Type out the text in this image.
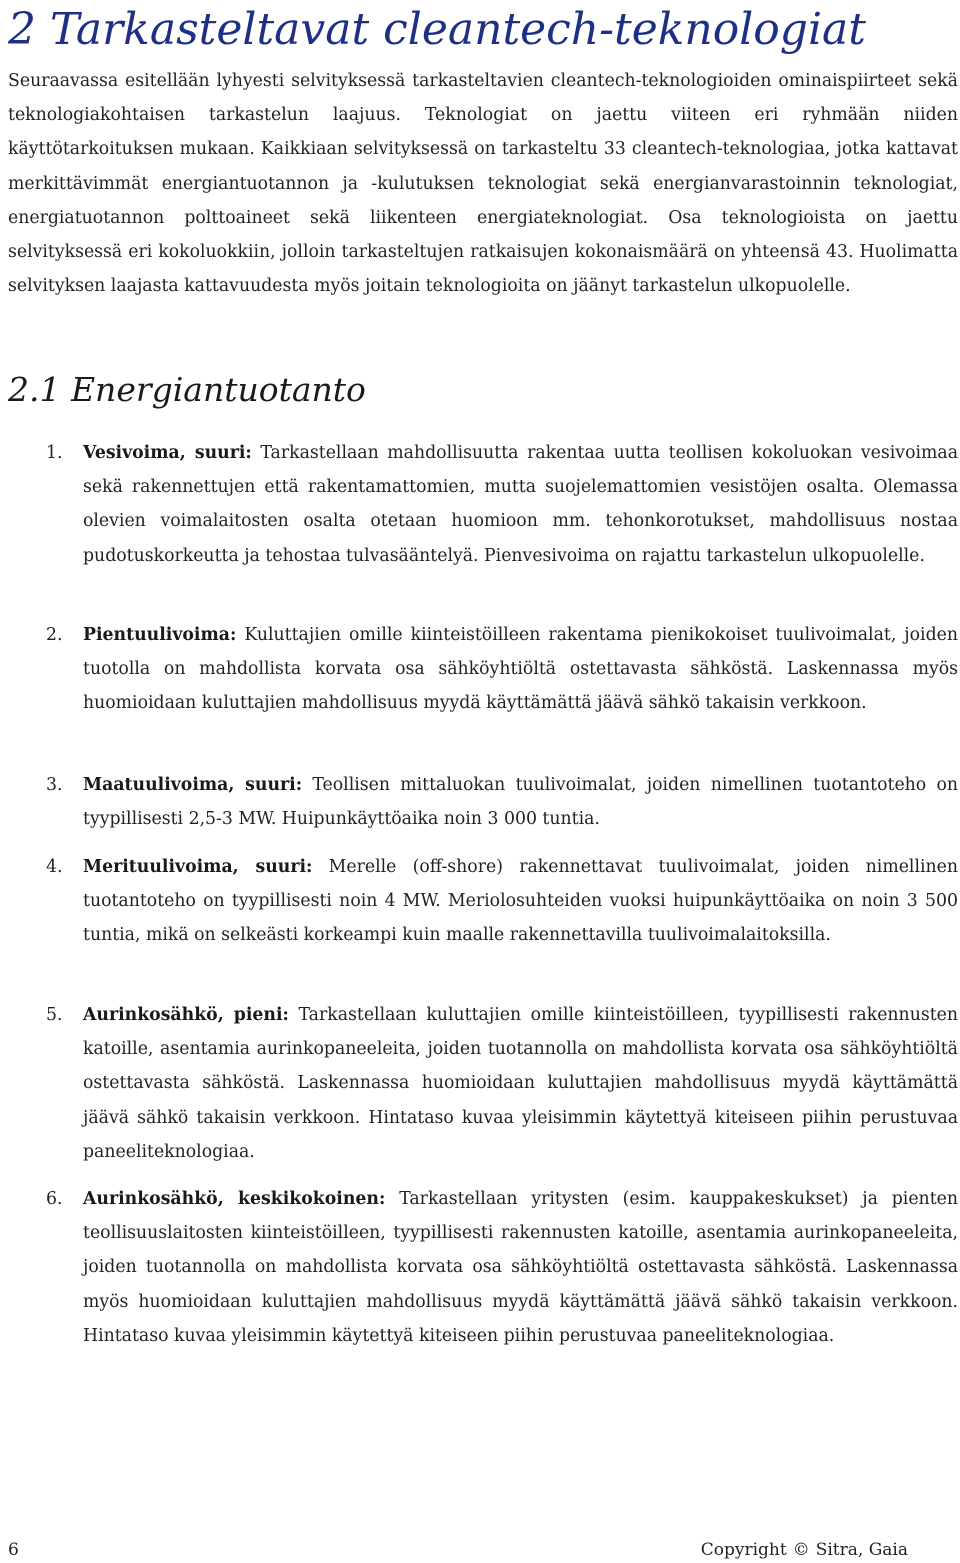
2 Tarkasteltavat cleantech-teknologiat

Seuraavassa esitellään lyhyesti selvityksessä tarkasteltavien cleantech-teknologioiden ominaispiirteet sekä teknologiakohtaisen tarkastelun laajuus. Teknologiat on jaettu viiteen eri ryhmään niiden käyttötarkoituksen mukaan. Kaikkiaan selvityksessä on tarkasteltu 33 cleantech-teknologiaa, jotka kattavat merkittävimmät energiantuotannon ja -kulutuksen teknologiat sekä energianvarastoinnin teknologiat, energiatuotannon polttoaineet sekä liikenteen energiateknologiat. Osa teknologioista on jaettu selvityksessä eri kokoluokkiin, jolloin tarkasteltujen ratkaisujen kokonaismäärä on yhteensä 43. Huolimatta selvityksen laajasta kattavuudesta myös joitain teknologioita on jäänyt tarkastelun ulkopuolelle.

2.1 Energiantuotanto
1. Vesivoima, suuri: Tarkastellaan mahdollisuutta rakentaa uutta teollisen kokoluokan vesivoimaa sekä rakennettujen että rakentamattomien, mutta suojelemattomien vesistöjen osalta. Olemassa olevien voimalaitosten osalta otetaan huomioon mm. tehonkorotukset, mahdollisuus nostaa pudotuskorkeutta ja tehostaa tulvasääntelyä. Pienvesivoima on rajattu tarkastelun ulkopuolelle.

2. Pientuulivoima: Kuluttajien omille kiinteistöilleen rakentama pienikokoiset tuulivoimalat, joiden tuotolla on mahdollista korvata osa sähköyhtiöltä ostettavasta sähköstä. Laskennassa myös huomioidaan kuluttajien mahdollisuus myydä käyttämättä jäävä sähkö takaisin verkkoon.

3. Maatuulivoima, suuri: Teollisen mittaluokan tuulivoimalat, joiden nimellinen tuotantoteho on tyypillisesti 2,5-3 MW. Huipunkäyttöaika noin 3 000 tuntia.

4. Merituulivoima, suuri: Merelle (off-shore) rakennettavat tuulivoimalat, joiden nimellinen tuotantoteho on tyypillisesti noin 4 MW. Meriolosuhteiden vuoksi huipunkäyttöaika on noin 3 500 tuntia, mikä on selkeästi korkeampi kuin maalle rakennettavilla tuulivoimalaitoksilla.

5. Aurinkosähkö, pieni: Tarkastellaan kuluttajien omille kiinteistöilleen, tyypillisesti rakennusten katoille, asentamia aurinkopaneeleita, joiden tuotannolla on mahdollista korvata osa sähköyhtiöltä ostettavasta sähköstä. Laskennassa huomioidaan kuluttajien mahdollisuus myydä käyttämättä jäävä sähkö takaisin verkkoon. Hintataso kuvaa yleisimmin käytettyä kiteiseen piihin perustuvaa paneeliteknologiaa.

6. Aurinkosähkö, keskikokoinen: Tarkastellaan yritysten (esim. kauppakeskukset) ja pienten teollisuuslaitosten kiinteistöilleen, tyypillisesti rakennusten katoille, asentamia aurinkopaneeleita, joiden tuotannolla on mahdollista korvata osa sähköyhtiöltä ostettavasta sähköstä. Laskennassa myös huomioidaan kuluttajien mahdollisuus myydä käyttämättä jäävä sähkö takaisin verkkoon. Hintataso kuvaa yleisimmin käytettyä kiteiseen piihin perustuvaa paneeliteknologiaa.

6	Copyright © Sitra, Gaia
